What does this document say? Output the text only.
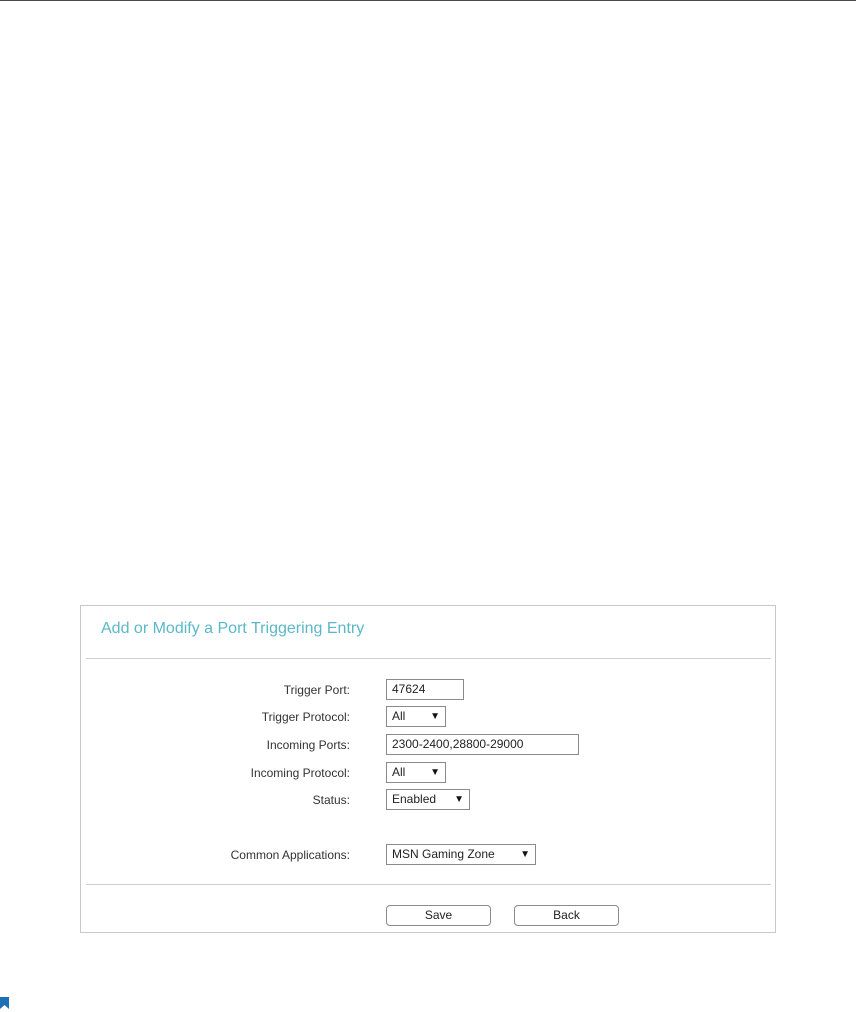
Add or Modify a Port Triggering Entry
Trigger Port:	47624
Trigger Protocol:	All ▼
Incoming Ports:	2300-2400,28800-29000
Incoming Protocol:	All ▼
Status:	Enabled ▼
Common Applications:	MSN Gaming Zone	▼
Save	Back
